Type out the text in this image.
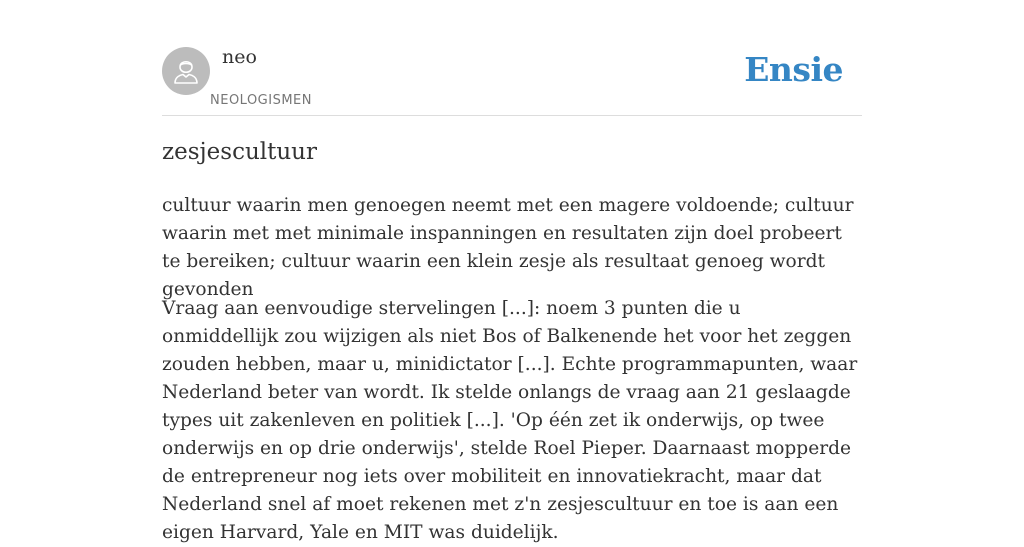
neo
NEOLOGISMEN
Ensie
zesjescultuur

cultuur waarin men genoegen neemt met een magere voldoende; cultuur waarin met met minimale inspanningen en resultaten zijn doel probeert te bereiken; cultuur waarin een klein zesje als resultaat genoeg wordt gevonden

Vraag aan eenvoudige stervelingen [...]: noem 3 punten die u onmiddellijk zou wijzigen als niet Bos of Balkenende het voor het zeggen zouden hebben, maar u, minidictator [...]. Echte programmapunten, waar Nederland beter van wordt. Ik stelde onlangs de vraag aan 21 geslaagde types uit zakenleven en politiek [...]. 'Op één zet ik onderwijs, op twee onderwijs en op drie onderwijs', stelde Roel Pieper. Daarnaast mopperde de entrepreneur nog iets over mobiliteit en innovatiekracht, maar dat Nederland snel af moet rekenen met z'n zesjescultuur en toe is aan een eigen Harvard, Yale en MIT was duidelijk.
